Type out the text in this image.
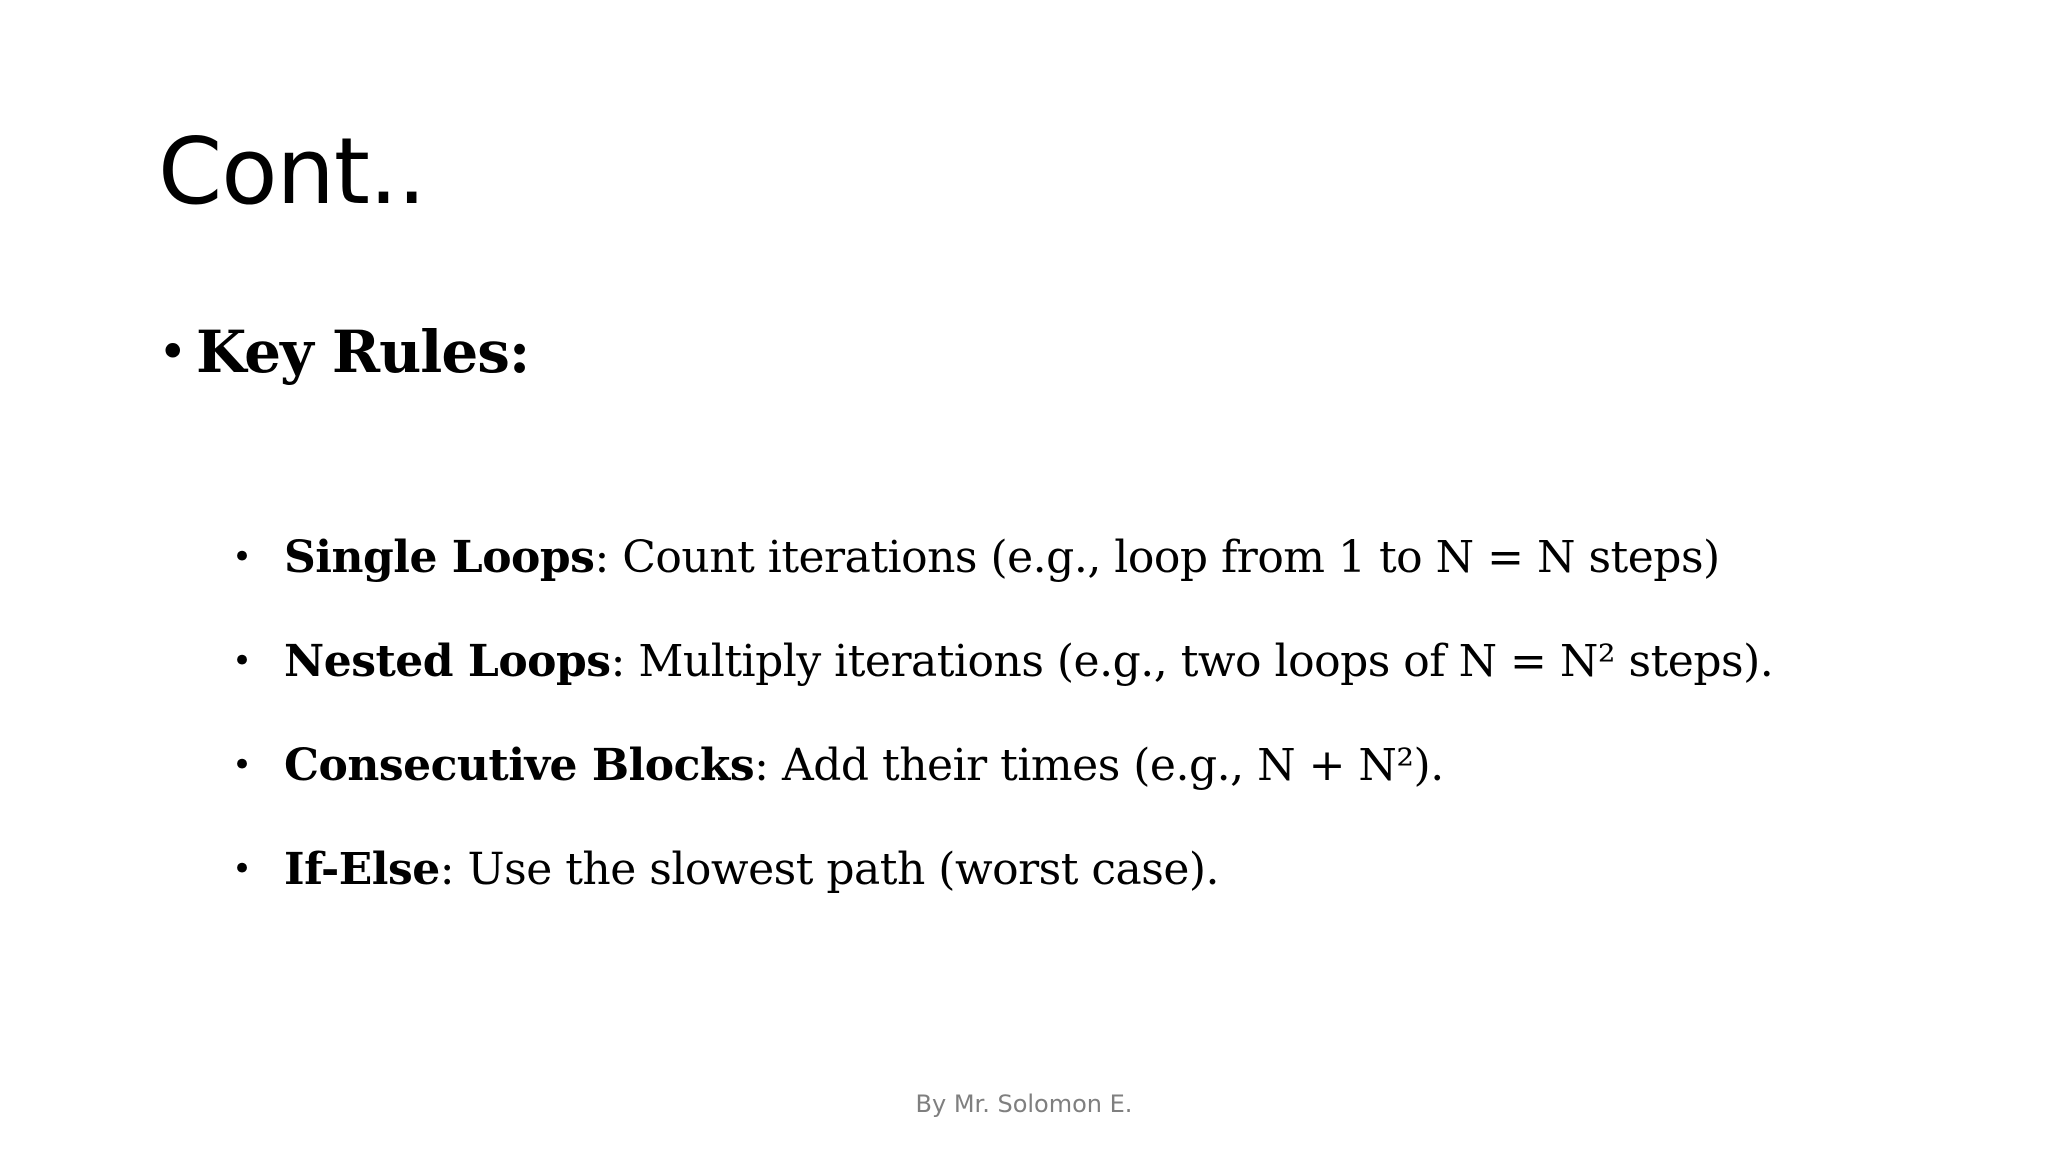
Cont..
• Key Rules:
• Single Loops : Count iterations (e.g., loop from 1 to N = N steps)
• Nested Loops : Multiply iterations (e.g., two loops of N = N² steps).
• Consecutive Blocks : Add their times (e.g., N + N²).
• If-Else : Use the slowest path (worst case).
By Mr. Solomon E.
